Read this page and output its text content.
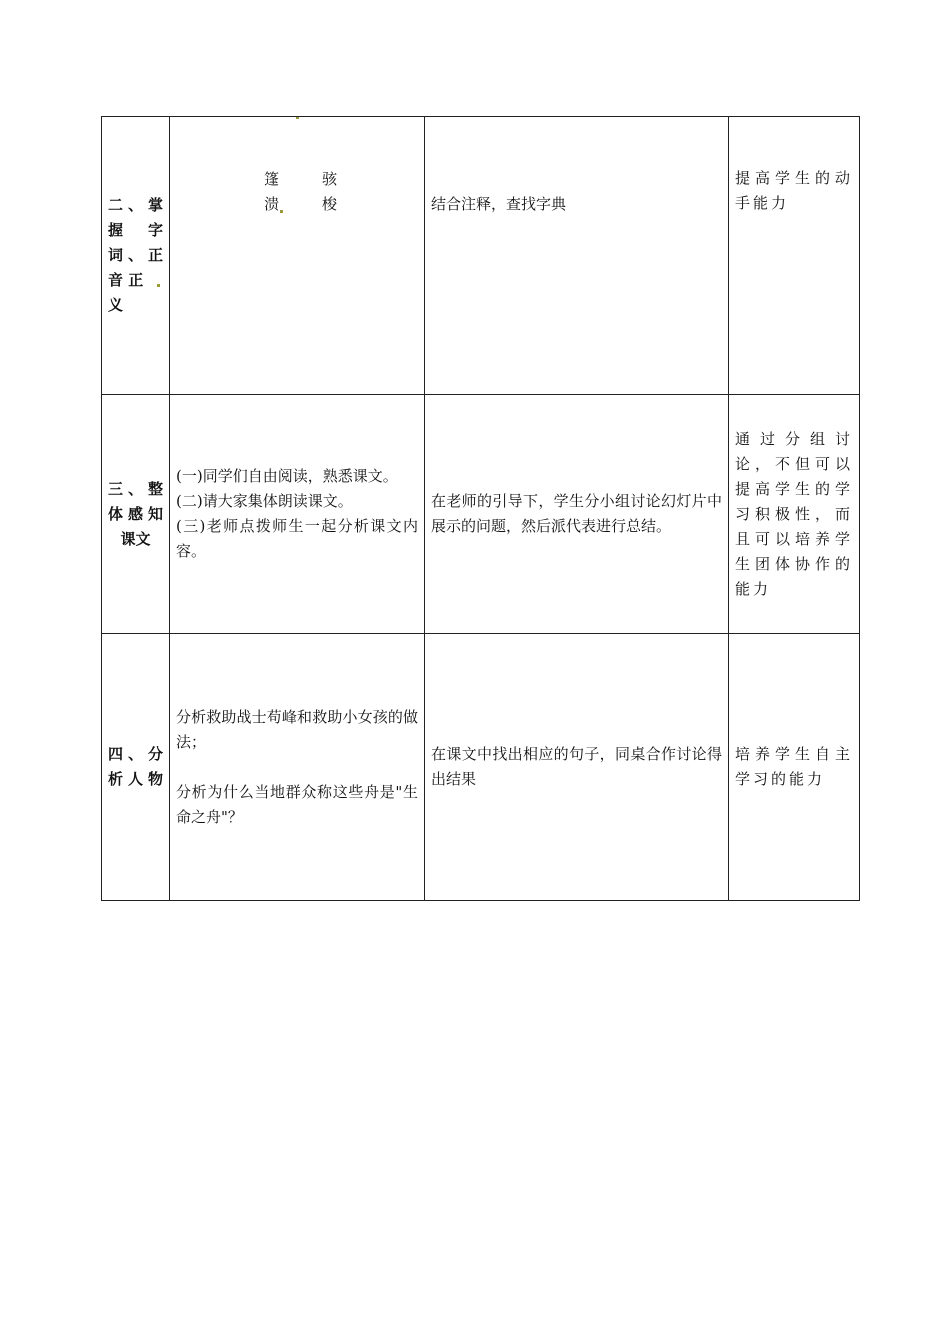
二、掌
握 字
词、正
音 正
义	篷 骇
溃 梭	结合注释，查找字典	提高学生的动手能力

三、整
体感知
课文	(一)同学们自由阅读，熟悉课文。
(二)请大家集体朗读课文。
(三)老师点拨师生一起分析课文内容。	在老师的引导下，学生分小组讨论幻灯片中展示的问题，然后派代表进行总结。	通过分组讨论，不但可以提高学生的学习积极性，而且可以培养学生团体协作的能力

四、分
析人物	分析救助战士苟峰和救助小女孩的做法；
分析为什么当地群众称这些舟是"生命之舟"？	在课文中找出相应的句子，同桌合作讨论得出结果	培养学生自主学习的能力
